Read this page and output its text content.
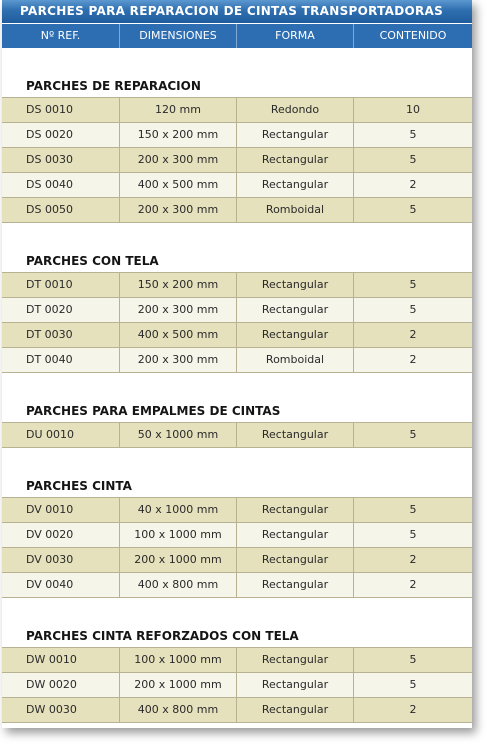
PARCHES PARA REPARACION DE CINTAS TRANSPORTADORAS
Nº REF.	DIMENSIONES	FORMA	CONTENIDO
PARCHES DE REPARACION
DS 0010	120 mm	Redondo	10
DS 0020	150 x 200 mm	Rectangular	5
DS 0030	200 x 300 mm	Rectangular	5
DS 0040	400 x 500 mm	Rectangular	2
DS 0050	200 x 300 mm	Romboidal	5
PARCHES CON TELA
DT 0010	150 x 200 mm	Rectangular	5
DT 0020	200 x 300 mm	Rectangular	5
DT 0030	400 x 500 mm	Rectangular	2
DT 0040	200 x 300 mm	Romboidal	2
PARCHES PARA EMPALMES DE CINTAS
DU 0010	50 x 1000 mm	Rectangular	5
PARCHES CINTA
DV 0010	40 x 1000 mm	Rectangular	5
DV 0020	100 x 1000 mm	Rectangular	5
DV 0030	200 x 1000 mm	Rectangular	2
DV 0040	400 x 800 mm	Rectangular	2
PARCHES CINTA REFORZADOS CON TELA
DW 0010	100 x 1000 mm	Rectangular	5
DW 0020	200 x 1000 mm	Rectangular	5
DW 0030	400 x 800 mm	Rectangular	2
